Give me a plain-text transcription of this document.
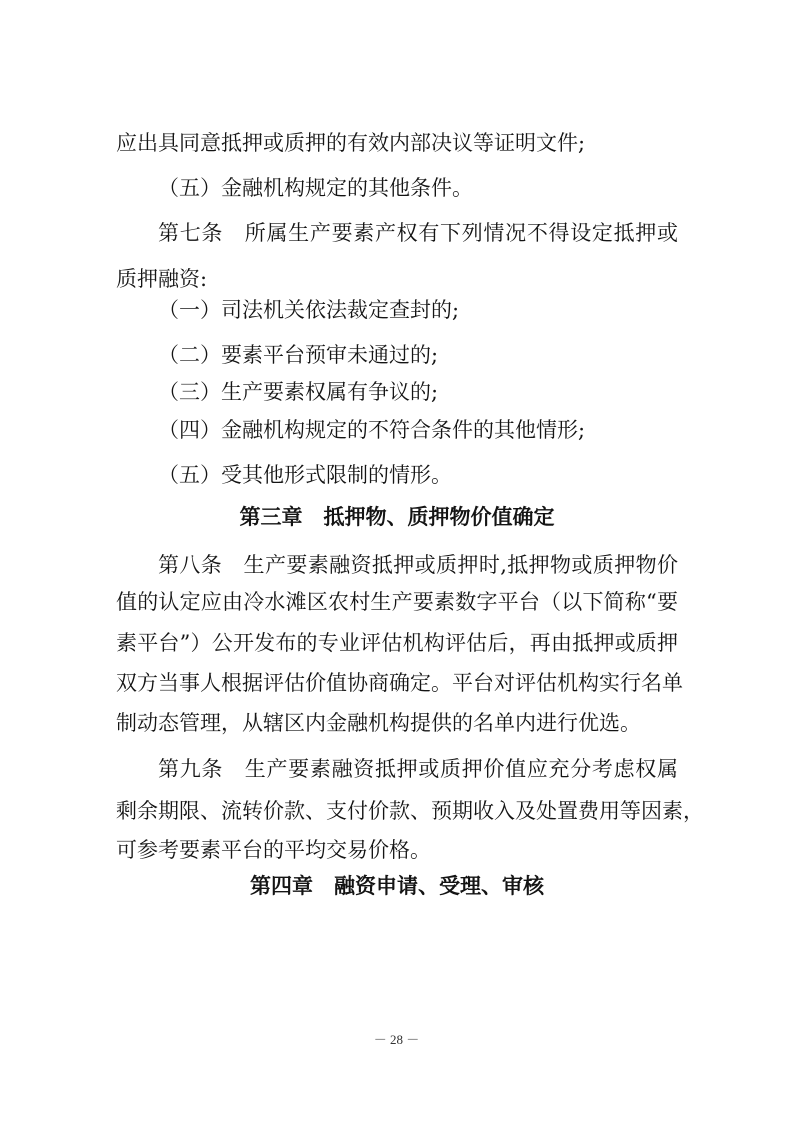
应出具同意抵押或质押的有效内部决议等证明文件;
（五）金融机构规定的其他条件。
第七条　所属生产要素产权有下列情况不得设定抵押或
质押融资:
（一）司法机关依法裁定查封的;
（二）要素平台预审未通过的;
（三）生产要素权属有争议的;
（四）金融机构规定的不符合条件的其他情形;
（五）受其他形式限制的情形。
第三章　抵押物、质押物价值确定
第八条　生产要素融资抵押或质押时,抵押物或质押物价
值的认定应由冷水滩区农村生产要素数字平台（以下简称“要
素平台”）公开发布的专业评估机构评估后，再由抵押或质押
双方当事人根据评估价值协商确定。平台对评估机构实行名单
制动态管理，从辖区内金融机构提供的名单内进行优选。
第九条　生产要素融资抵押或质押价值应充分考虑权属
剩余期限、流转价款、支付价款、预期收入及处置费用等因素，
可参考要素平台的平均交易价格。
第四章　融资申请、受理、审核
－ 28 －
